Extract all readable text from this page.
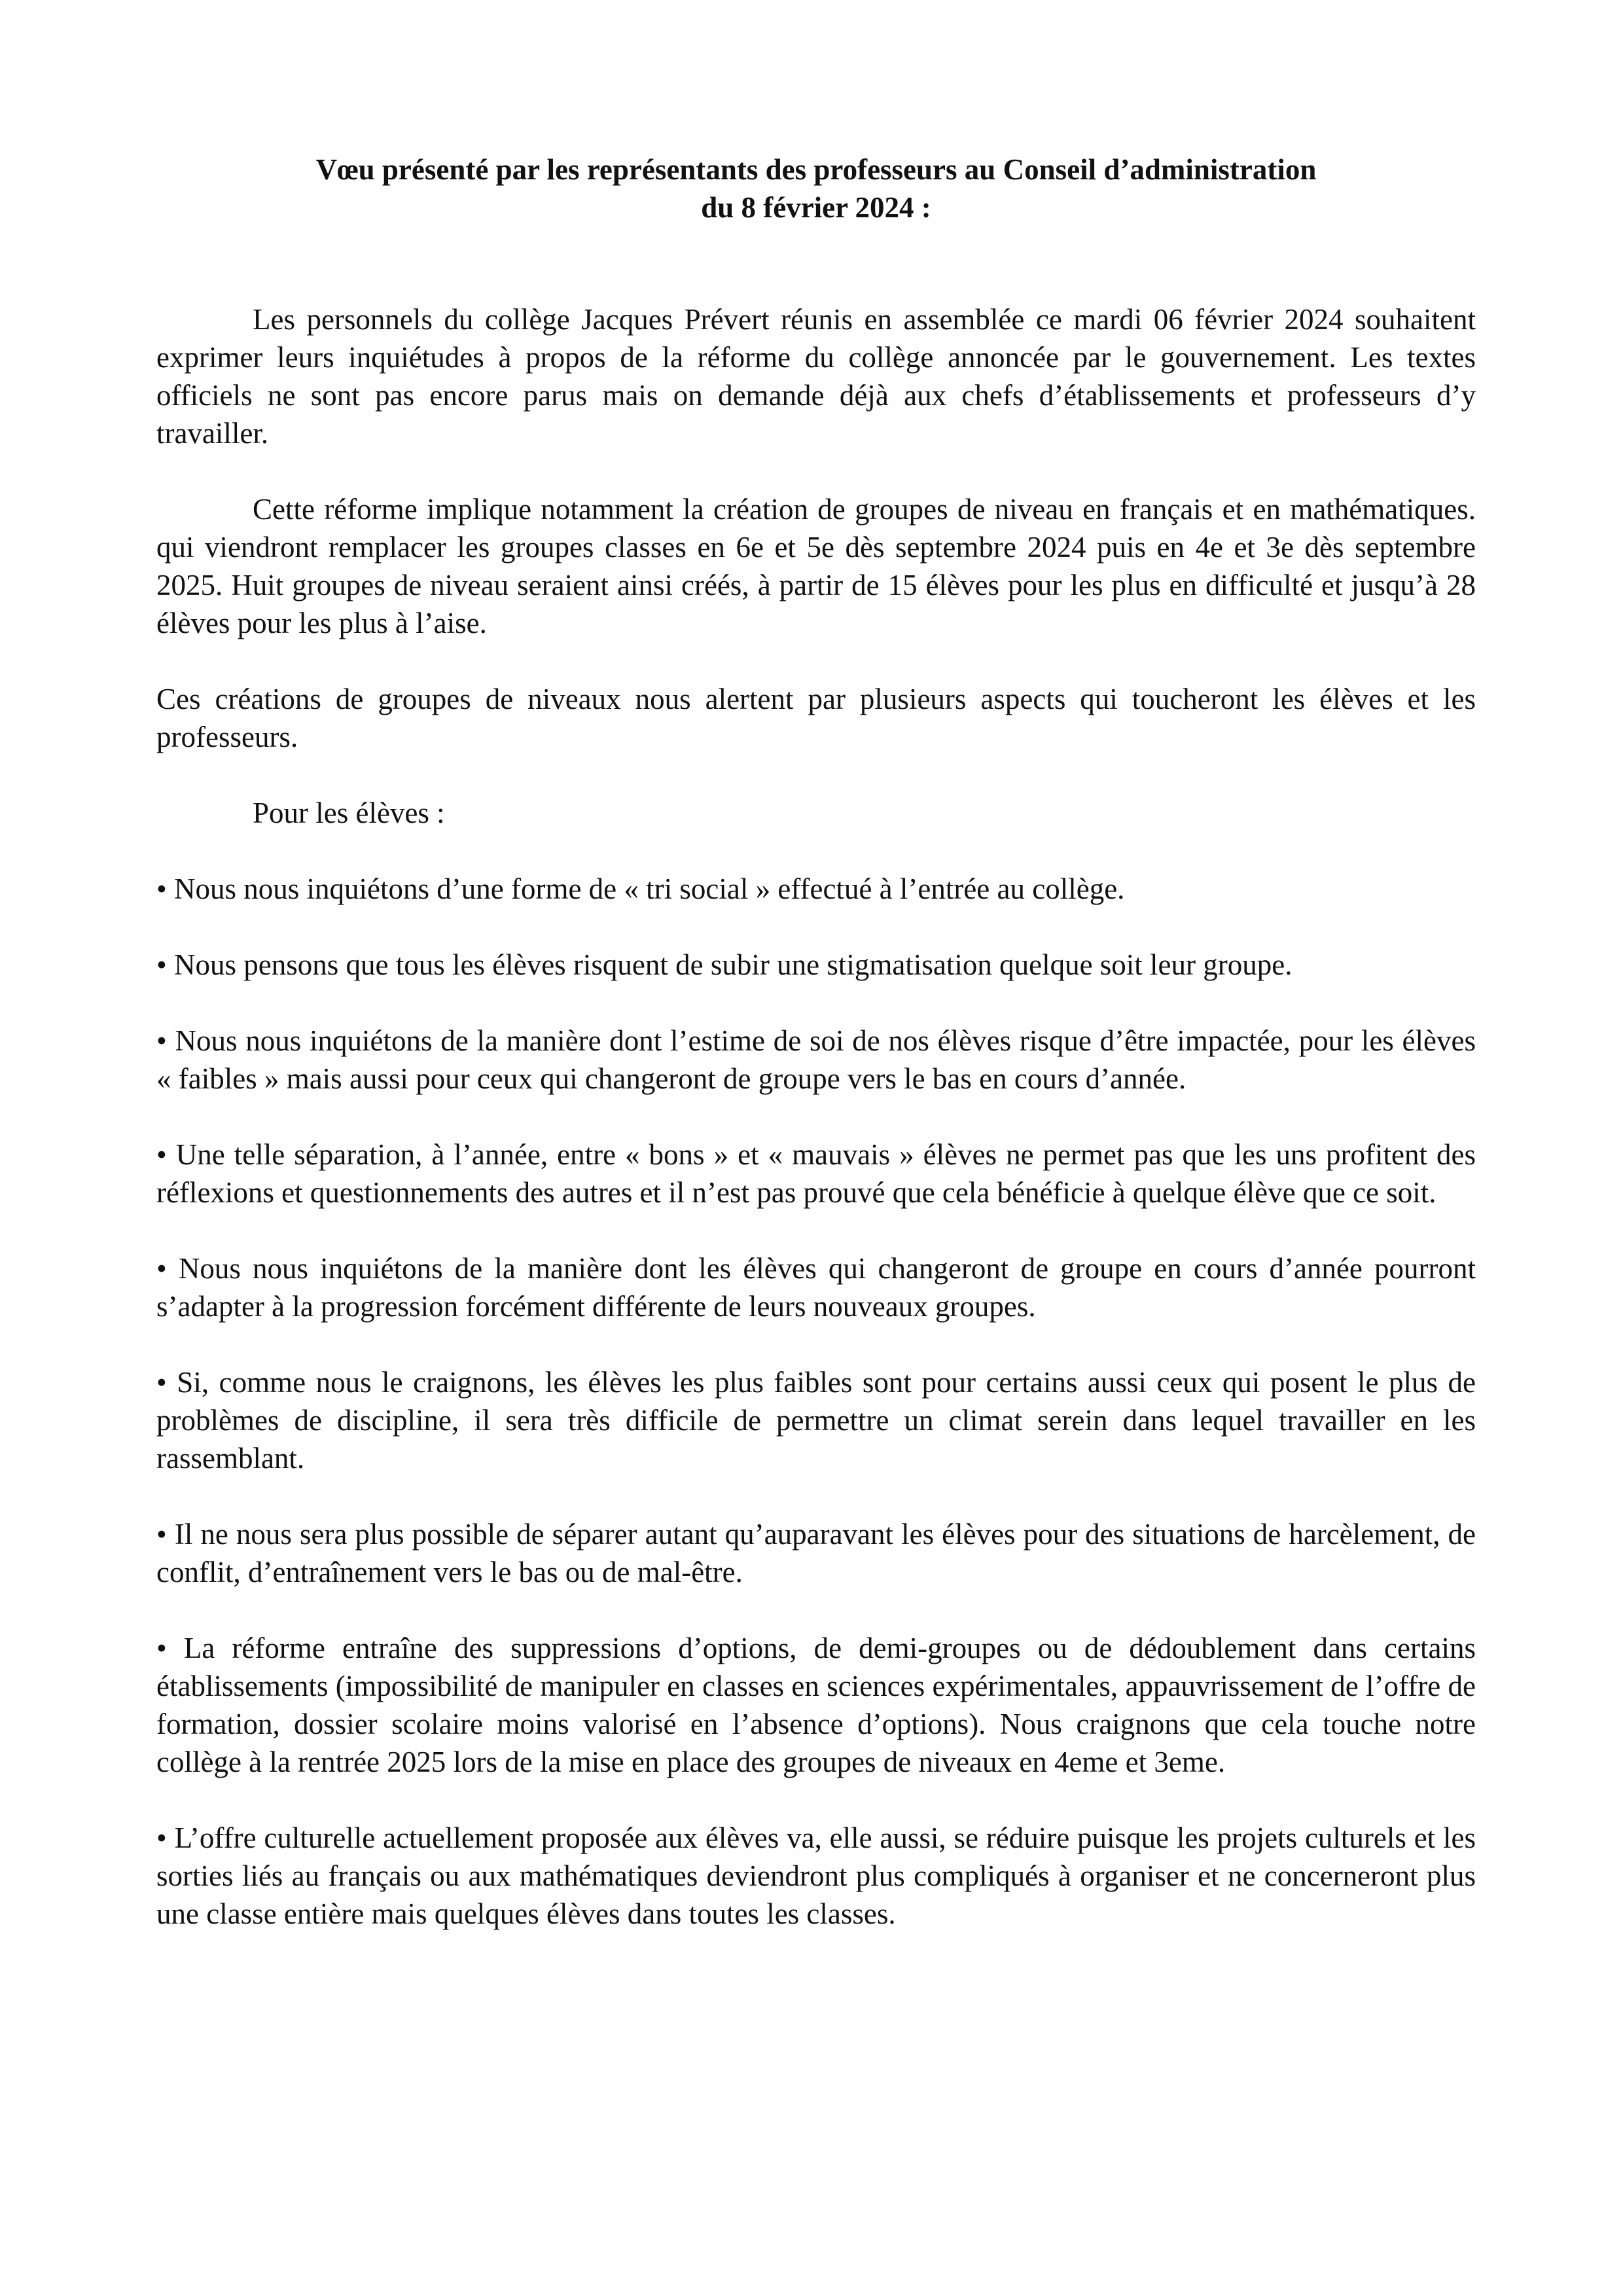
Vœu présenté par les représentants des professeurs au Conseil d’administration
du 8 février 2024 :

Les personnels du collège Jacques Prévert réunis en assemblée ce mardi 06 février 2024 souhaitent exprimer leurs inquiétudes à propos de la réforme du collège annoncée par le gouvernement. Les textes officiels ne sont pas encore parus mais on demande déjà aux chefs d’établissements et professeurs d’y travailler.

Cette réforme implique notamment la création de groupes de niveau en français et en mathématiques. qui viendront remplacer les groupes classes en 6e et 5e dès septembre 2024 puis en 4e et 3e dès septembre 2025. Huit groupes de niveau seraient ainsi créés, à partir de 15 élèves pour les plus en difficulté et jusqu’à 28 élèves pour les plus à l’aise.

Ces créations de groupes de niveaux nous alertent par plusieurs aspects qui toucheront les élèves et les professeurs.

Pour les élèves :

• Nous nous inquiétons d’une forme de « tri social » effectué à l’entrée au collège.

• Nous pensons que tous les élèves risquent de subir une stigmatisation quelque soit leur groupe.

• Nous nous inquiétons de la manière dont l’estime de soi de nos élèves risque d’être impactée, pour les élèves « faibles » mais aussi pour ceux qui changeront de groupe vers le bas en cours d’année.

• Une telle séparation, à l’année, entre « bons » et « mauvais » élèves ne permet pas que les uns profitent des réflexions et questionnements des autres et il n’est pas prouvé que cela bénéficie à quelque élève que ce soit.

• Nous nous inquiétons de la manière dont les élèves qui changeront de groupe en cours d’année pourront s’adapter à la progression forcément différente de leurs nouveaux groupes.

• Si, comme nous le craignons, les élèves les plus faibles sont pour certains aussi ceux qui posent le plus de problèmes de discipline, il sera très difficile de permettre un climat serein dans lequel travailler en les rassemblant.

• Il ne nous sera plus possible de séparer autant qu’auparavant les élèves pour des situations de harcèlement, de conflit, d’entraînement vers le bas ou de mal-être.

• La réforme entraîne des suppressions d’options, de demi-groupes ou de dédoublement dans certains établissements (impossibilité de manipuler en classes en sciences expérimentales, appauvrissement de l’offre de formation, dossier scolaire moins valorisé en l’absence d’options). Nous craignons que cela touche notre collège à la rentrée 2025 lors de la mise en place des groupes de niveaux en 4eme et 3eme.

• L’offre culturelle actuellement proposée aux élèves va, elle aussi, se réduire puisque les projets culturels et les sorties liés au français ou aux mathématiques deviendront plus compliqués à organiser et ne concerneront plus une classe entière mais quelques élèves dans toutes les classes.
